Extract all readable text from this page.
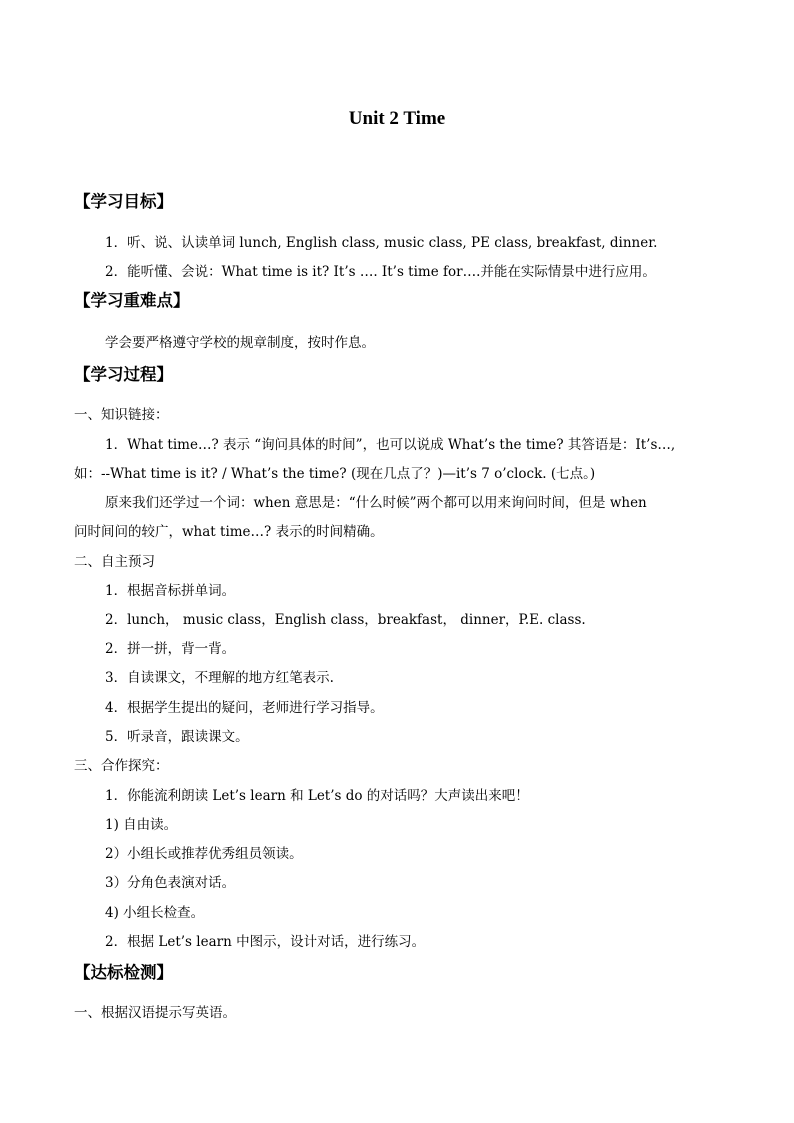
Unit 2 Time
【学习目标】
1．听、说、认读单词 lunch, English class, music class, PE class, breakfast, dinner.
2．能听懂、会说：What time is it? It’s …. It’s time for….并能在实际情景中进行应用。
【学习重难点】
学会要严格遵守学校的规章制度，按时作息。
【学习过程】
一、知识链接：
1．What time…? 表示 “询问具体的时间”，也可以说成 What’s the time? 其答语是：It’s…,
如：--What time is it? / What’s the time? (现在几点了？)—it’s 7 o’clock. (七点。)
原来我们还学过一个词：when 意思是：“什么时候”两个都可以用来询问时间，但是 when
问时间问的较广，what time…? 表示的时间精确。
二、自主预习
1．根据音标拼单词。
2．lunch， music class，English class，breakfast， dinner，P.E. class.
2．拼一拼，背一背。
3．自读课文，不理解的地方红笔表示.
4．根据学生提出的疑问，老师进行学习指导。
5．听录音，跟读课文。
三、合作探究：
1．你能流利朗读 Let’s learn 和 Let’s do 的对话吗？大声读出来吧！
1) 自由读。
2）小组长或推荐优秀组员领读。
3）分角色表演对话。
4) 小组长检查。
2．根据 Let’s learn 中图示，设计对话，进行练习。
【达标检测】
一、根据汉语提示写英语。
